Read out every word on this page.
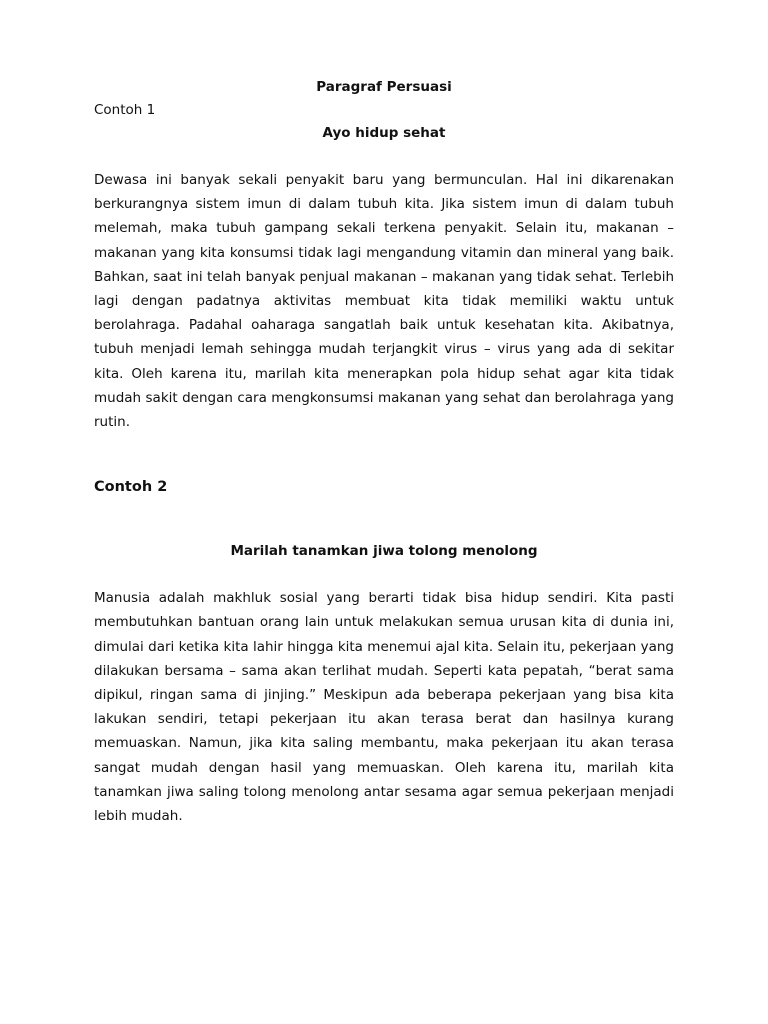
Paragraf Persuasi
Contoh 1
Ayo hidup sehat

Dewasa ini banyak sekali penyakit baru yang bermunculan. Hal ini dikarenakan berkurangnya sistem imun di dalam tubuh kita. Jika sistem imun di dalam tubuh melemah, maka tubuh gampang sekali terkena penyakit. Selain itu, makanan – makanan yang kita konsumsi tidak lagi mengandung vitamin dan mineral yang baik. Bahkan, saat ini telah banyak penjual makanan – makanan yang tidak sehat. Terlebih lagi dengan padatnya aktivitas membuat kita tidak memiliki waktu untuk berolahraga. Padahal oaharaga sangatlah baik untuk kesehatan kita. Akibatnya, tubuh menjadi lemah sehingga mudah terjangkit virus – virus yang ada di sekitar kita. Oleh karena itu, marilah kita menerapkan pola hidup sehat agar kita tidak mudah sakit dengan cara mengkonsumsi makanan yang sehat dan berolahraga yang rutin.

Contoh 2
Marilah tanamkan jiwa tolong menolong

Manusia adalah makhluk sosial yang berarti tidak bisa hidup sendiri. Kita pasti membutuhkan bantuan orang lain untuk melakukan semua urusan kita di dunia ini, dimulai dari ketika kita lahir hingga kita menemui ajal kita. Selain itu, pekerjaan yang dilakukan bersama – sama akan terlihat mudah. Seperti kata pepatah, “berat sama dipikul, ringan sama di jinjing.” Meskipun ada beberapa pekerjaan yang bisa kita lakukan sendiri, tetapi pekerjaan itu akan terasa berat dan hasilnya kurang memuaskan. Namun, jika kita saling membantu, maka pekerjaan itu akan terasa sangat mudah dengan hasil yang memuaskan. Oleh karena itu, marilah kita tanamkan jiwa saling tolong menolong antar sesama agar semua pekerjaan menjadi lebih mudah.
